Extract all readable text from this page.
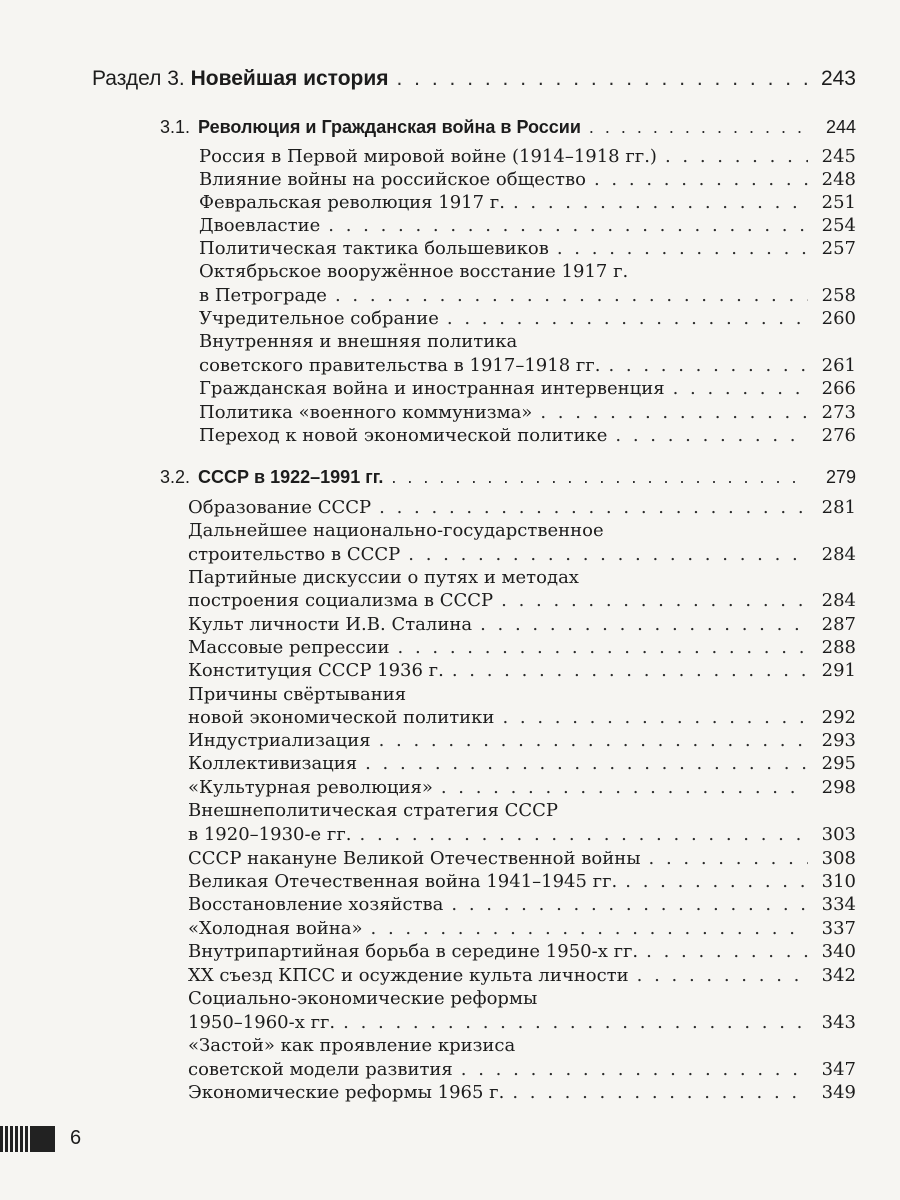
Раздел 3. Новейшая история . . .	243
3.1. Революция и Гражданская война в России . . .	244
Россия в Первой мировой войне (1914–1918 гг.) . . .	245
Влияние войны на российское общество . . .	248
Февральская революция 1917 г. . . .	251
Двоевластие . . .	254
Политическая тактика большевиков . . .	257
Октябрьское вооружённое восстание 1917 г.
в Петрограде . . .	258
Учредительное собрание . . .	260
Внутренняя и внешняя политика
советского правительства в 1917–1918 гг. . . .	261
Гражданская война и иностранная интервенция . . .	266
Политика «военного коммунизма» . . .	273
Переход к новой экономической политике . . .	276
3.2. СССР в 1922–1991 гг. . . .	279
Образование СССР . . .	281
Дальнейшее национально-государственное
строительство в СССР . . .	284
Партийные дискуссии о путях и методах
построения социализма в СССР . . .	284
Культ личности И.В. Сталина . . .	287
Массовые репрессии . . .	288
Конституция СССР 1936 г. . . .	291
Причины свёртывания
новой экономической политики . . .	292
Индустриализация . . .	293
Коллективизация . . .	295
«Культурная революция» . . .	298
Внешнеполитическая стратегия СССР
в 1920–1930-е гг. . . .	303
СССР накануне Великой Отечественной войны . . .	308
Великая Отечественная война 1941–1945 гг. . . .	310
Восстановление хозяйства . . .	334
«Холодная война» . . .	337
Внутрипартийная борьба в середине 1950-х гг. . . .	340
XX съезд КПСС и осуждение культа личности . . .	342
Социально-экономические реформы
1950–1960-х гг. . . .	343
«Застой» как проявление кризиса
советской модели развития . . .	347
Экономические реформы 1965 г. . . .	349
6
